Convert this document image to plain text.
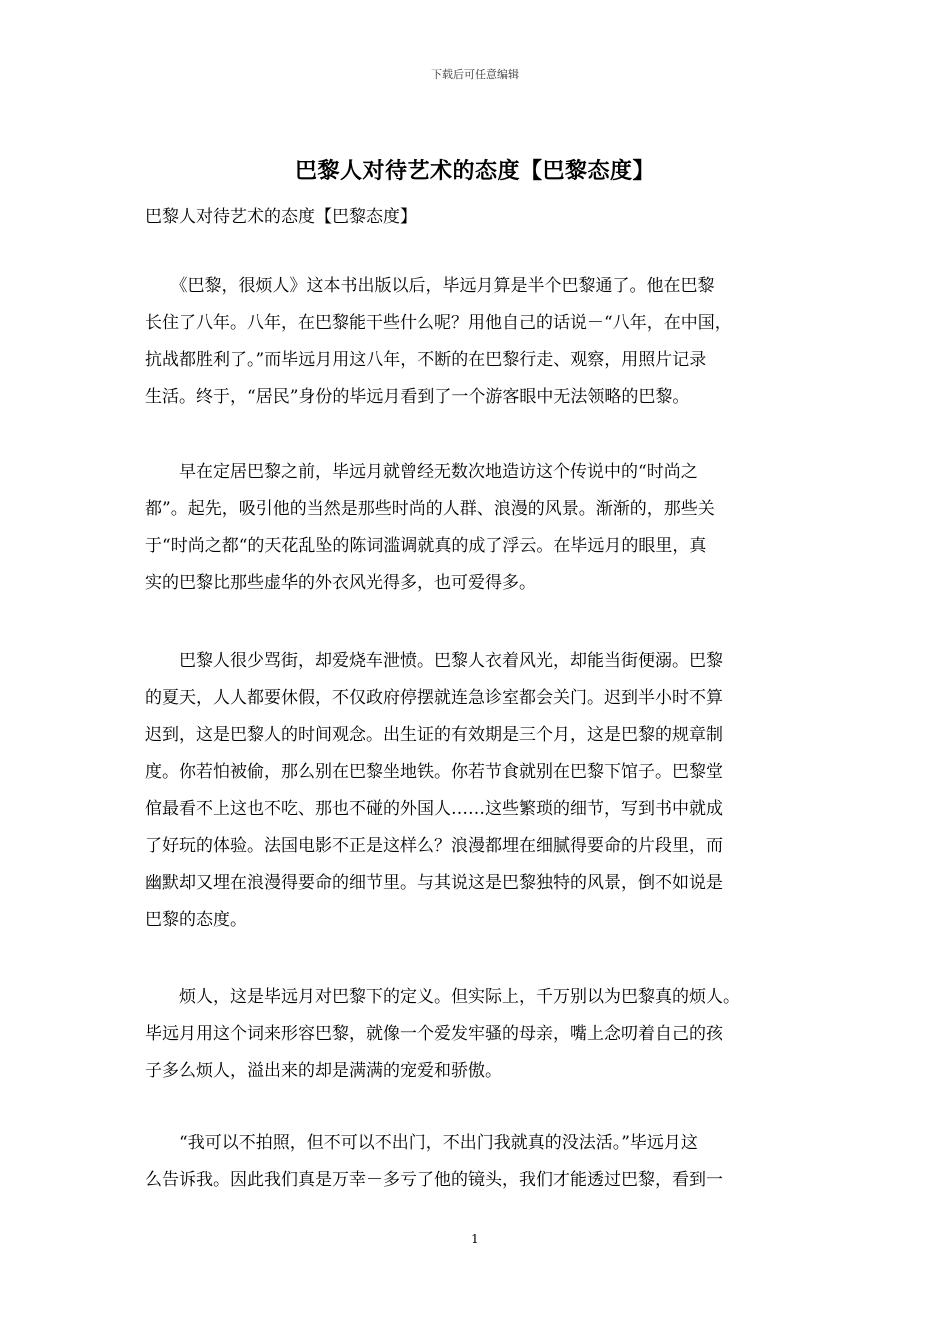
下载后可任意编辑
巴黎人对待艺术的态度【巴黎态度】
巴黎人对待艺术的态度【巴黎态度】
　　《巴黎，很烦人》这本书出版以后，毕远月算是半个巴黎通了。他在巴黎
长住了八年。八年，在巴黎能干些什么呢？用他自己的话说－“八年，在中国，
抗战都胜利了。”而毕远月用这八年，不断的在巴黎行走、观察，用照片记录
生活。终于，“居民”身份的毕远月看到了一个游客眼中无法领略的巴黎。
　　早在定居巴黎之前，毕远月就曾经无数次地造访这个传说中的“时尚之
都”。起先，吸引他的当然是那些时尚的人群、浪漫的风景。渐渐的，那些关
于“时尚之都“的天花乱坠的陈词滥调就真的成了浮云。在毕远月的眼里，真
实的巴黎比那些虚华的外衣风光得多，也可爱得多。
　　巴黎人很少骂街，却爱烧车泄愤。巴黎人衣着风光，却能当街便溺。巴黎
的夏天，人人都要休假，不仅政府停摆就连急诊室都会关门。迟到半小时不算
迟到，这是巴黎人的时间观念。出生证的有效期是三个月，这是巴黎的规章制
度。你若怕被偷，那么别在巴黎坐地铁。你若节食就别在巴黎下馆子。巴黎堂
倌最看不上这也不吃、那也不碰的外国人……这些繁琐的细节，写到书中就成
了好玩的体验。法国电影不正是这样么？浪漫都埋在细腻得要命的片段里，而
幽默却又埋在浪漫得要命的细节里。与其说这是巴黎独特的风景，倒不如说是
巴黎的态度。
　　烦人，这是毕远月对巴黎下的定义。但实际上，千万别以为巴黎真的烦人。
毕远月用这个词来形容巴黎，就像一个爱发牢骚的母亲，嘴上念叨着自己的孩
子多么烦人，溢出来的却是满满的宠爱和骄傲。
　　“我可以不拍照，但不可以不出门，不出门我就真的没法活。”毕远月这
么告诉我。因此我们真是万幸－多亏了他的镜头，我们才能透过巴黎，看到一
1
